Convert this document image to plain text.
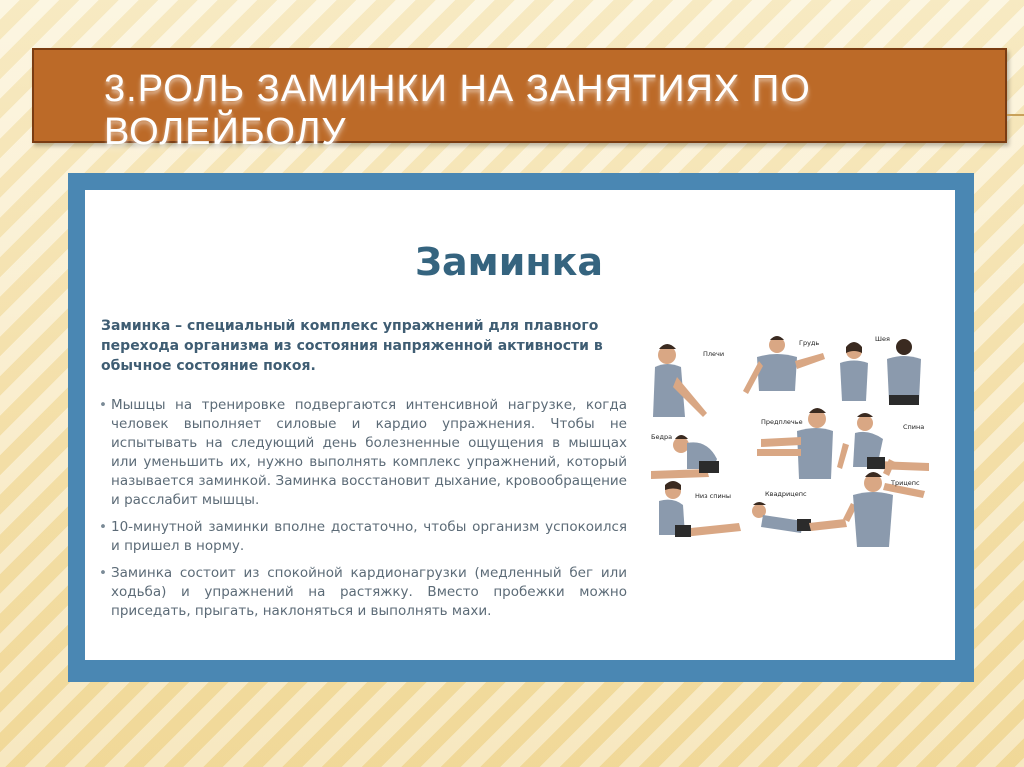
3.РОЛЬ ЗАМИНКИ НА ЗАНЯТИЯХ ПО ВОЛЕЙБОЛУ
Заминка

Заминка – специальный комплекс упражнений для плавного перехода организма из состояния напряженной активности в обычное состояние покоя.

• Мышцы на тренировке подвергаются интенсивной нагрузке, когда человек выполняет силовые и кардио упражнения. Чтобы не испытывать на следующий день болезненные ощущения в мышцах или уменьшить их, нужно выполнять комплекс упражнений, который называется заминкой. Заминка восстановит дыхание, кровообращение и расслабит мышцы.
• 10-минутной заминки вполне достаточно, чтобы организм успокоился и пришел в норму.
• Заминка состоит из спокойной кардионагрузки (медленный бег или ходьба) и упражнений на растяжку. Вместо пробежки можно приседать, прыгать, наклоняться и выполнять махи.
Плечи
Грудь	Шея
Предплечье
Спина
Бедра
Низ спины	Квадрицепс
Трицепс
